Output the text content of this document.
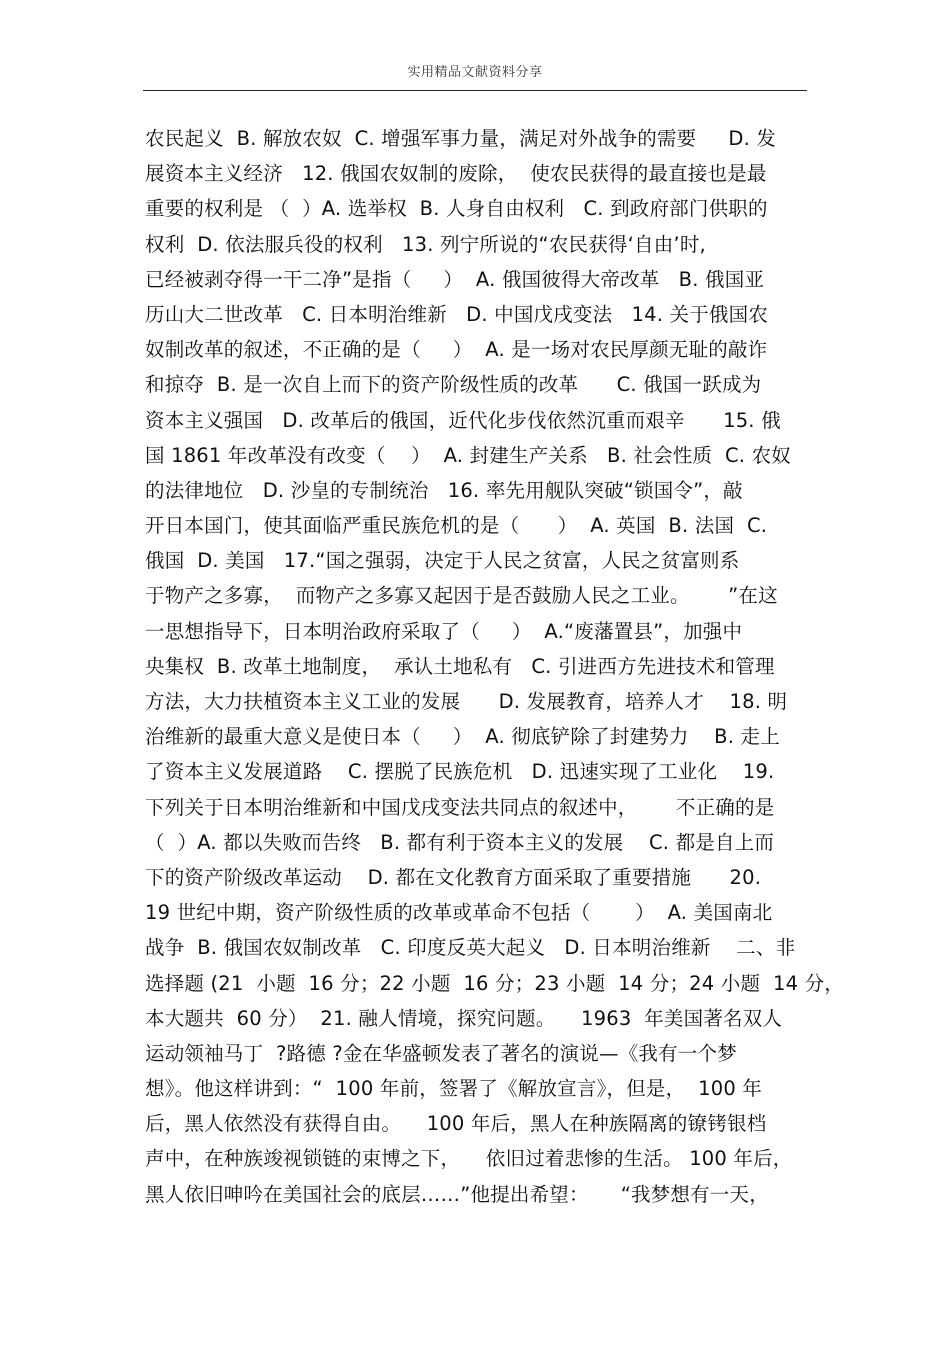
实用精品文献资料分享
农民起义  B. 解放农奴  C. 增强军事力量，满足对外战争的需要     D. 发
展资本主义经济   12. 俄国农奴制的废除，  使农民获得的最直接也是最
重要的权利是 （  ）A. 选举权  B. 人身自由权利   C. 到政府部门供职的
权利  D. 依法服兵役的权利   13. 列宁所说的“农民获得‘自由’时,
已经被剥夺得一干二净”是指（     ）  A. 俄国彼得大帝改革   B. 俄国亚
历山大二世改革   C. 日本明治维新   D. 中国戊戌变法   14. 关于俄国农
奴制改革的叙述，不正确的是（     ）  A. 是一场对农民厚颜无耻的敲诈
和掠夺  B. 是一次自上而下的资产阶级性质的改革      C. 俄国一跃成为
资本主义强国   D. 改革后的俄国，近代化步伐依然沉重而艰辛      15. 俄
国 1861 年改革没有改变（    ）  A. 封建生产关系   B. 社会性质  C. 农奴
的法律地位   D. 沙皇的专制统治   16. 率先用舰队突破“锁国令”，敲
开日本国门，使其面临严重民族危机的是（      ）  A. 英国  B. 法国  C.
俄国  D. 美国   17.“国之强弱，决定于人民之贫富，人民之贫富则系
于物产之多寡，  而物产之多寡又起因于是否鼓励人民之工业。      ”在这
一思想指导下，日本明治政府采取了（     ）  A.“废藩置县”，加强中
央集权  B. 改革土地制度，  承认土地私有   C. 引进西方先进技术和管理
方法，大力扶植资本主义工业的发展      D. 发展教育，培养人才    18. 明
治维新的最重大意义是使日本（     ）  A. 彻底铲除了封建势力    B. 走上
了资本主义发展道路    C. 摆脱了民族危机   D. 迅速实现了工业化    19.
下列关于日本明治维新和中国戊戌变法共同点的叙述中，      不正确的是
（  ）A. 都以失败而告终   B. 都有利于资本主义的发展    C. 都是自上而
下的资产阶级改革运动    D. 都在文化教育方面采取了重要措施      20.
19 世纪中期，资产阶级性质的改革或革命不包括（       ）  A. 美国南北
战争  B. 俄国农奴制改革   C. 印度反英大起义   D. 日本明治维新    二、非
选择题 (21  小题  16 分；22 小题  16 分；23 小题  14 分；24 小题  14 分，
本大题共  60 分）  21. 融人情境，探究问题。    1963  年美国著名双人
运动领袖马丁  ?路德 ?金在华盛顿发表了著名的演说—《我有一个梦
想》。他这样讲到：“  100 年前，签署了《解放宣言》，但是，  100 年
后，黑人依然没有获得自由。    100 年后，黑人在种族隔离的镣铐银档
声中，在种族竣视锁链的束博之下，    依旧过着悲惨的生活。 100 年后，
黑人依旧呻吟在美国社会的底层……”他提出希望：     “我梦想有一天，
